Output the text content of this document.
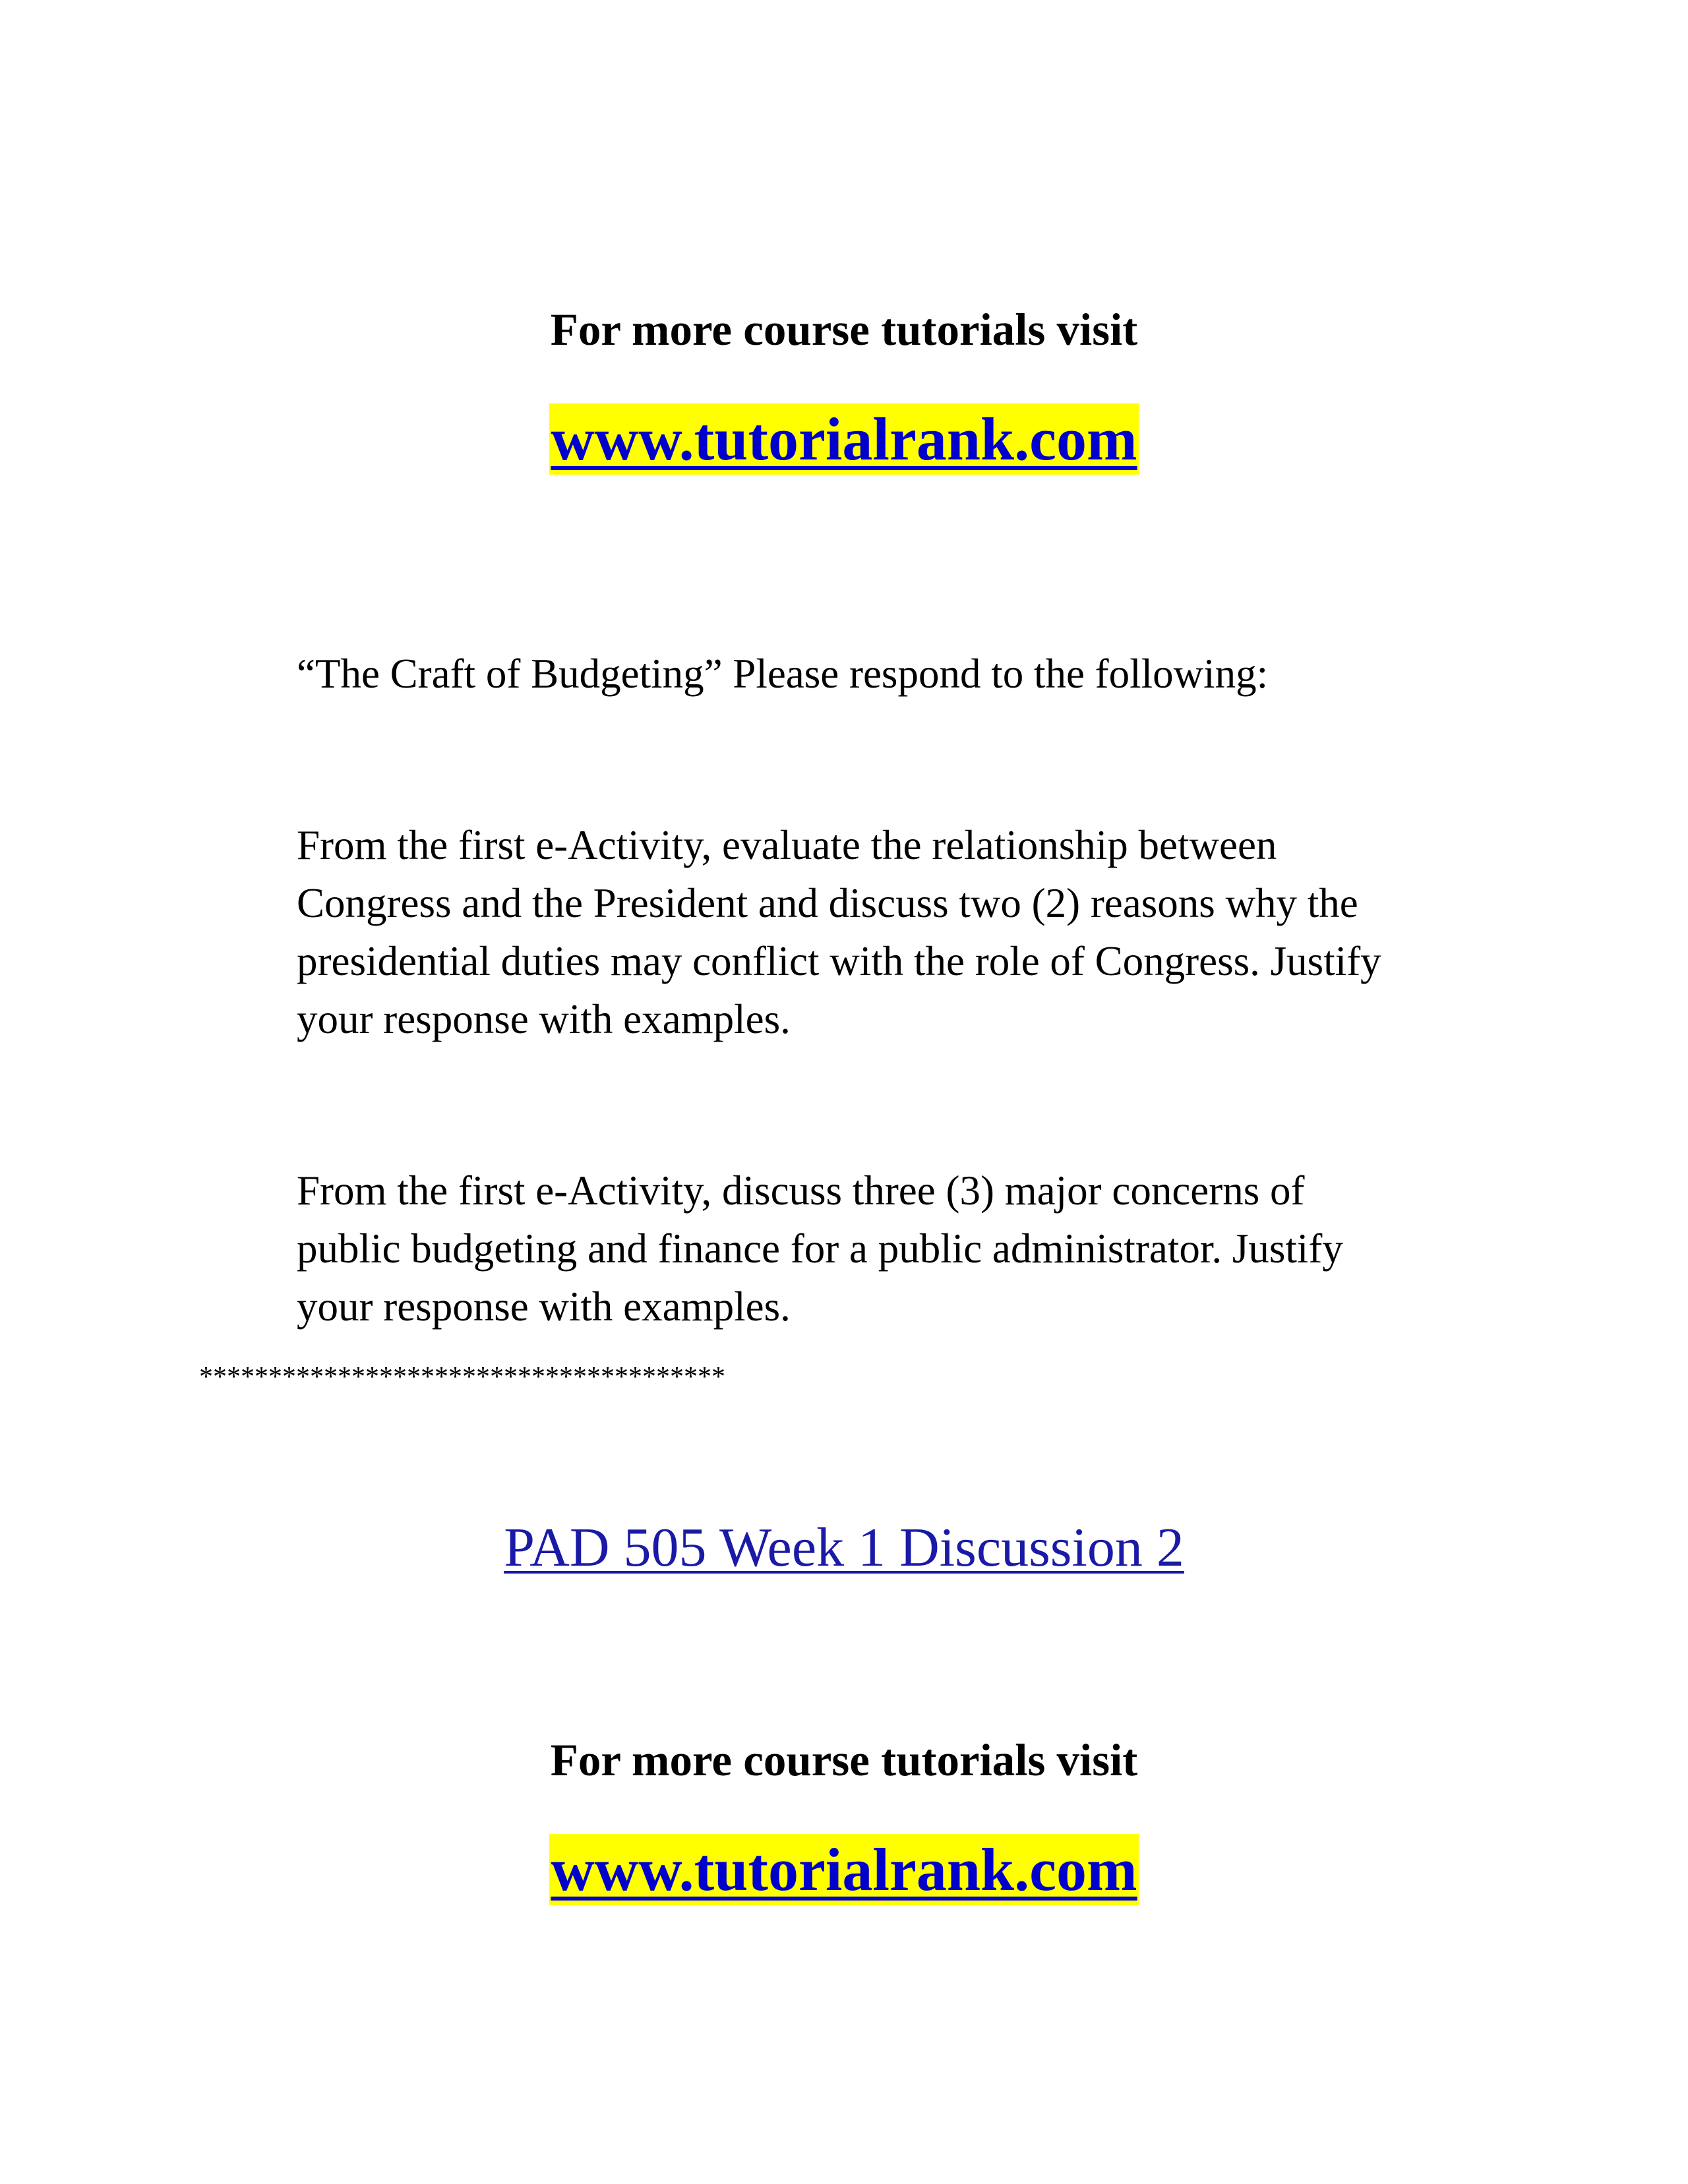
For more course tutorials visit
www.tutorialrank.com
“The Craft of Budgeting” Please respond to the following:
From the first e-Activity, evaluate the relationship between
Congress and the President and discuss two (2) reasons why the
presidential duties may conflict with the role of Congress. Justify
your response with examples.
From the first e-Activity, discuss three (3) major concerns of
public budgeting and finance for a public administrator. Justify
your response with examples.
**************************************
PAD 505 Week 1 Discussion 2
For more course tutorials visit
www.tutorialrank.com
